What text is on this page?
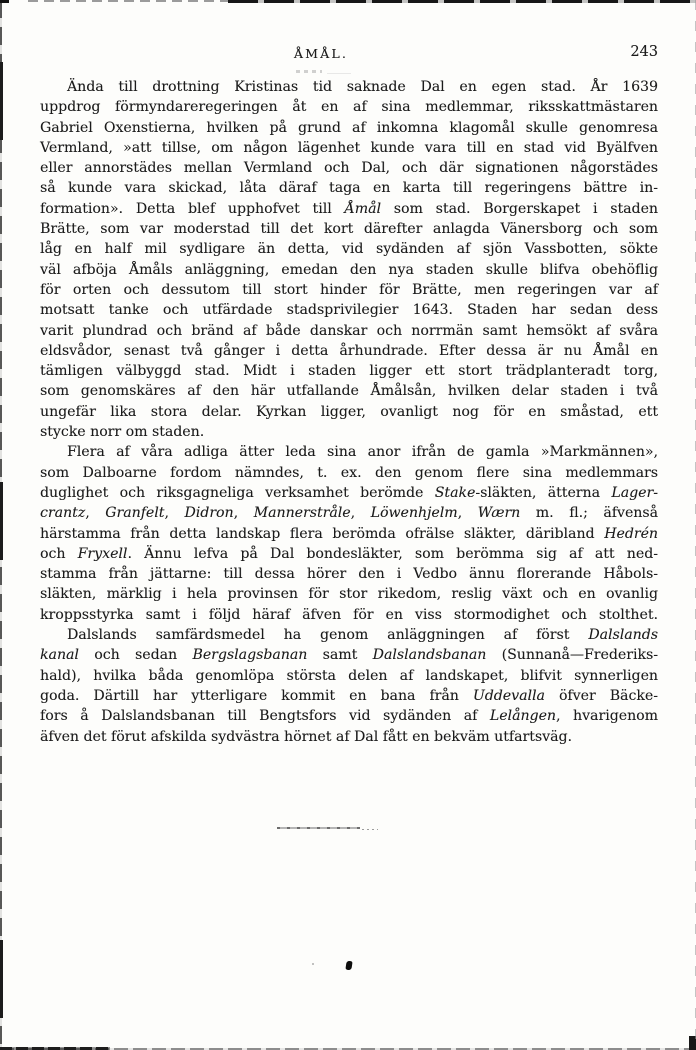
ÅMÅL.	243
Ända till drottning Kristinas tid saknade Dal en egen stad. År 1639
uppdrog förmyndareregeringen åt en af sina medlemmar, riksskattmästaren
Gabriel Oxenstierna, hvilken på grund af inkomna klagomål skulle genomresa
Vermland, »att tillse, om någon lägenhet kunde vara till en stad vid Byälfven
eller annorstädes mellan Vermland och Dal, och där signationen någorstädes
så kunde vara skickad, låta däraf taga en karta till regeringens bättre in-
formation». Detta blef upphofvet till Åmål som stad. Borgerskapet i staden
Brätte, som var moderstad till det kort därefter anlagda Vänersborg och som
låg en half mil sydligare än detta, vid sydänden af sjön Vassbotten, sökte
väl afböja Åmåls anläggning, emedan den nya staden skulle blifva obehöflig
för orten och dessutom till stort hinder för Brätte, men regeringen var af
motsatt tanke och utfärdade stadsprivilegier 1643. Staden har sedan dess
varit plundrad och bränd af både danskar och norrmän samt hemsökt af svåra
eldsvådor, senast två gånger i detta århundrade. Efter dessa är nu Åmål en
tämligen välbyggd stad. Midt i staden ligger ett stort trädplanteradt torg,
som genomskäres af den här utfallande Åmålsån, hvilken delar staden i två
ungefär lika stora delar. Kyrkan ligger, ovanligt nog för en småstad, ett
stycke norr om staden.
Flera af våra adliga ätter leda sina anor ifrån de gamla »Markmännen»,
som Dalboarne fordom nämndes, t. ex. den genom flere sina medlemmars
duglighet och riksgagneliga verksamhet berömde Stake-släkten, ätterna Lager-
crantz, Granfelt, Didron, Mannerstråle, Löwenhjelm, Wærn m. fl.; äfvenså
härstamma från detta landskap flera berömda ofrälse släkter, däribland Hedrén
och Fryxell. Ännu lefva på Dal bondesläkter, som berömma sig af att ned-
stamma från jättarne: till dessa hörer den i Vedbo ännu florerande Håbols-
släkten, märklig i hela provinsen för stor rikedom, reslig växt och en ovanlig
kroppsstyrka samt i följd häraf äfven för en viss stormodighet och stolthet.
Dalslands samfärdsmedel ha genom anläggningen af först Dalslands
kanal och sedan Bergslagsbanan samt Dalslandsbanan (Sunnanå—Frederiks-
hald), hvilka båda genomlöpa största delen af landskapet, blifvit synnerligen
goda. Därtill har ytterligare kommit en bana från Uddevalla öfver Bäcke-
fors å Dalslandsbanan till Bengtsfors vid sydänden af Lelången, hvarigenom
äfven det förut afskilda sydvästra hörnet af Dal fått en bekväm utfartsväg.
